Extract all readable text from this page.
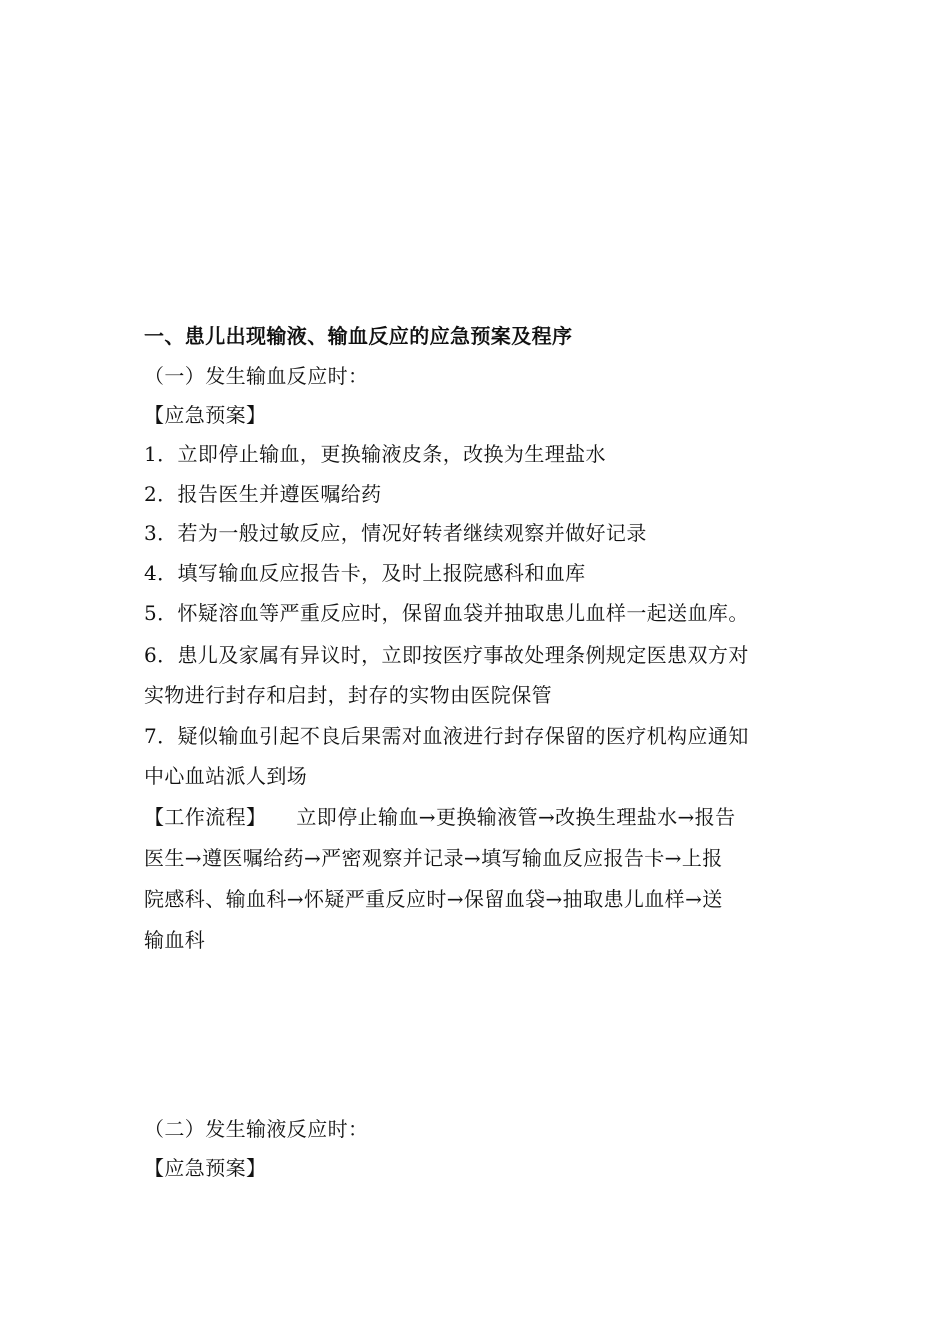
一、患儿出现输液、输血反应的应急预案及程序
（一）发生输血反应时：
【应急预案】
1．立即停止输血，更换输液皮条，改换为生理盐水
2．报告医生并遵医嘱给药
3．若为一般过敏反应，情况好转者继续观察并做好记录
4．填写输血反应报告卡，及时上报院感科和血库
5．怀疑溶血等严重反应时，保留血袋并抽取患儿血样一起送血库。
6．患儿及家属有异议时，立即按医疗事故处理条例规定医患双方对
实物进行封存和启封，封存的实物由医院保管
7．疑似输血引起不良后果需对血液进行封存保留的医疗机构应通知
中心血站派人到场
【工作流程】 立即停止输血→更换输液管→改换生理盐水→报告
医生→遵医嘱给药→严密观察并记录→填写输血反应报告卡→上报
院感科、输血科→怀疑严重反应时→保留血袋→抽取患儿血样→送
输血科
（二）发生输液反应时：
【应急预案】
